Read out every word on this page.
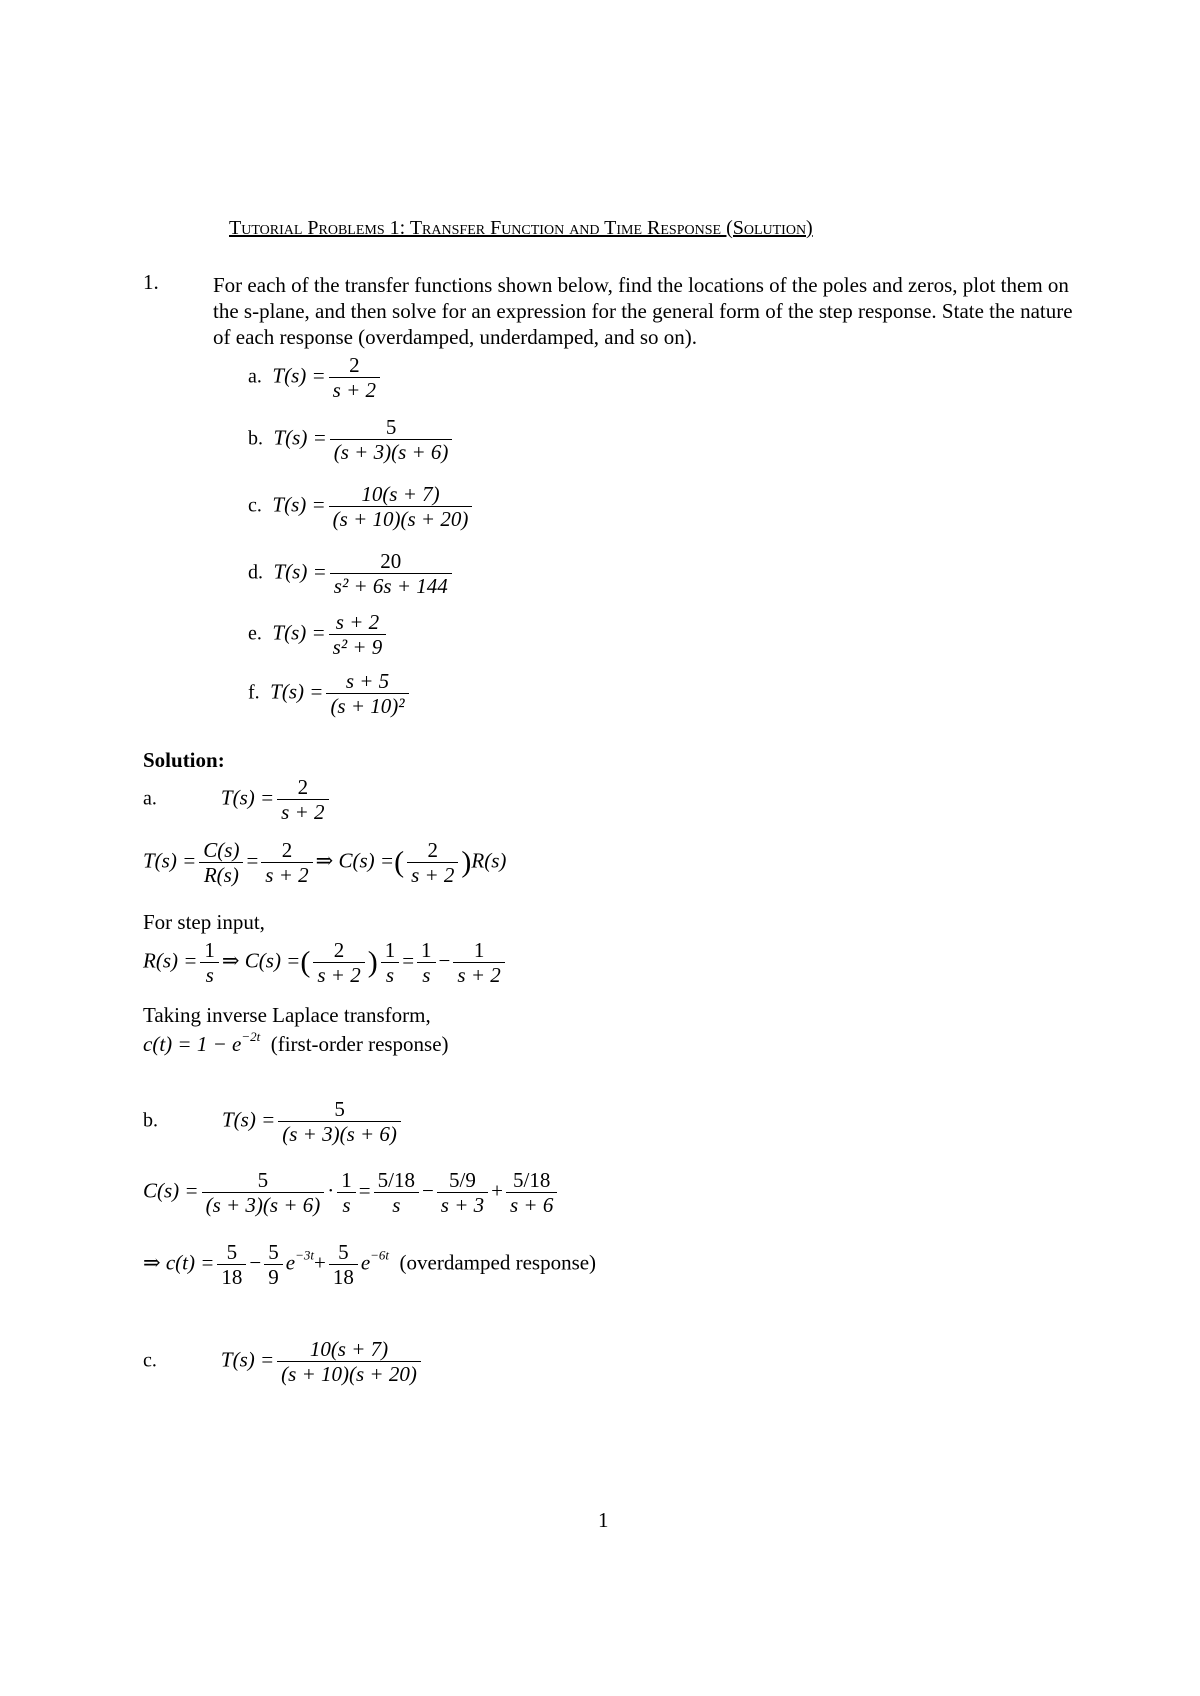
Tutorial Problems 1: Transfer Function and Time Response (Solution)
1.	For each of the transfer functions shown below, find the locations of the poles and zeros, plot them on the s-plane, and then solve for an expression for the general form of the step response. State the nature of each response (overdamped, underdamped, and so on).
a. $T(s) = \frac{2}{s + 2}$
b. $T(s) = \frac{5}{(s + 3)(s + 6)}$
c. $T(s) = \frac{10(s + 7)}{(s + 10)(s + 20)}$
d. $T(s) = \frac{20}{\text{s² + 6s + 144}}$
e. $T(s) = \frac{s + 2}{\text{s² + 9}}$
f. $T(s) = \frac{s + 5}{\text{(s + 10)²}}$
Solution:
a.	$T(s) = \frac{2}{s + 2}$
$T(s) = \frac{C(s)}{R(s)} = \frac{2}{s + 2}$ ⇒ C(s) =( $\frac{2}{s + 2} )R(s)$
For step input,
$R(s) = \frac{1}{s}$ ⇒ C(s) =( $\frac{2}{s + 2}$ ) $\frac{1}{s} = \frac{1}{s} - \frac{1}{s + 2}$
Taking inverse Laplace transform,
$c(t) = 1 - e^{-2t}$ (first-order response)
b.	$T(s) = \frac{5}{(s + 3)(s + 6)}$
$C(s) = \frac{5}{(s + 3)(s + 6)} \cdot \frac{1}{s} = \frac{5/18}{s} - \frac{5/9}{s + 3} + \frac{5/18}{s + 6}$
⇒ $c(t) = \frac{5}{18} - \frac{5}{9} e^{-3t}+ \frac{5}{18} e^{-6t}$ (overdamped response)
c.	$T(s) = \frac{10(s + 7)}{(s + 10)(s + 20)}$
1
